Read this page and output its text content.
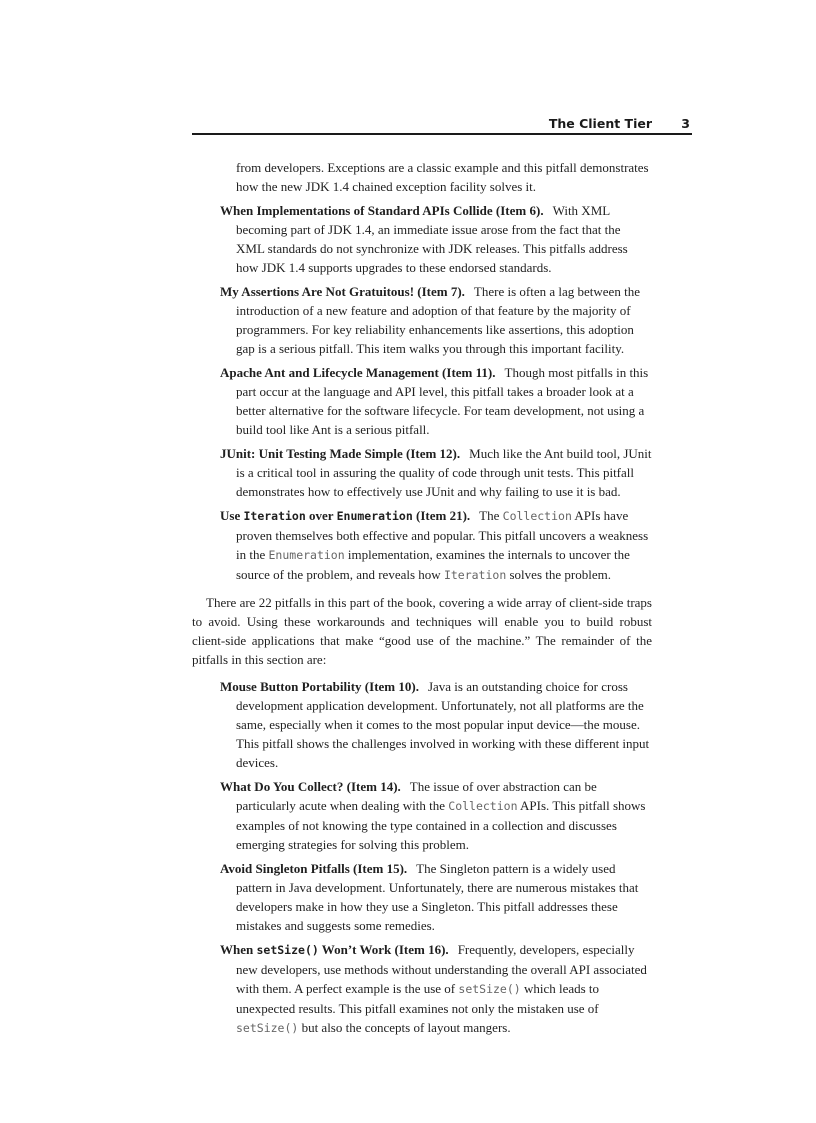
The Client Tier 3
from developers. Exceptions are a classic example and this pitfall demonstrates how the new JDK 1.4 chained exception facility solves it.
When Implementations of Standard APIs Collide (Item 6). With XML becoming part of JDK 1.4, an immediate issue arose from the fact that the XML standards do not synchronize with JDK releases. This pitfalls address how JDK 1.4 supports upgrades to these endorsed standards.
My Assertions Are Not Gratuitous! (Item 7). There is often a lag between the introduction of a new feature and adoption of that feature by the majority of programmers. For key reliability enhancements like assertions, this adoption gap is a serious pitfall. This item walks you through this important facility.
Apache Ant and Lifecycle Management (Item 11). Though most pitfalls in this part occur at the language and API level, this pitfall takes a broader look at a better alternative for the software lifecycle. For team development, not using a build tool like Ant is a serious pitfall.
JUnit: Unit Testing Made Simple (Item 12). Much like the Ant build tool, JUnit is a critical tool in assuring the quality of code through unit tests. This pitfall demonstrates how to effectively use JUnit and why failing to use it is bad.
Use Iteration over Enumeration (Item 21). The Collection APIs have proven themselves both effective and popular. This pitfall uncovers a weakness in the Enumeration implementation, examines the internals to uncover the source of the problem, and reveals how Iteration solves the problem.

There are 22 pitfalls in this part of the book, covering a wide array of client-side traps to avoid. Using these workarounds and techniques will enable you to build robust client-side applications that make “good use of the machine.” The remainder of the pitfalls in this section are:

Mouse Button Portability (Item 10). Java is an outstanding choice for cross development application development. Unfortunately, not all platforms are the same, especially when it comes to the most popular input device—the mouse. This pitfall shows the challenges involved in working with these different input devices.
What Do You Collect? (Item 14). The issue of over abstraction can be particularly acute when dealing with the Collection APIs. This pitfall shows examples of not knowing the type contained in a collection and discusses emerging strategies for solving this problem.
Avoid Singleton Pitfalls (Item 15). The Singleton pattern is a widely used pattern in Java development. Unfortunately, there are numerous mistakes that developers make in how they use a Singleton. This pitfall addresses these mistakes and suggests some remedies.
When setSize() Won’t Work (Item 16). Frequently, developers, especially new developers, use methods without understanding the overall API associated with them. A perfect example is the use of setSize() which leads to unexpected results. This pitfall examines not only the mistaken use of setSize() but also the concepts of layout mangers.
